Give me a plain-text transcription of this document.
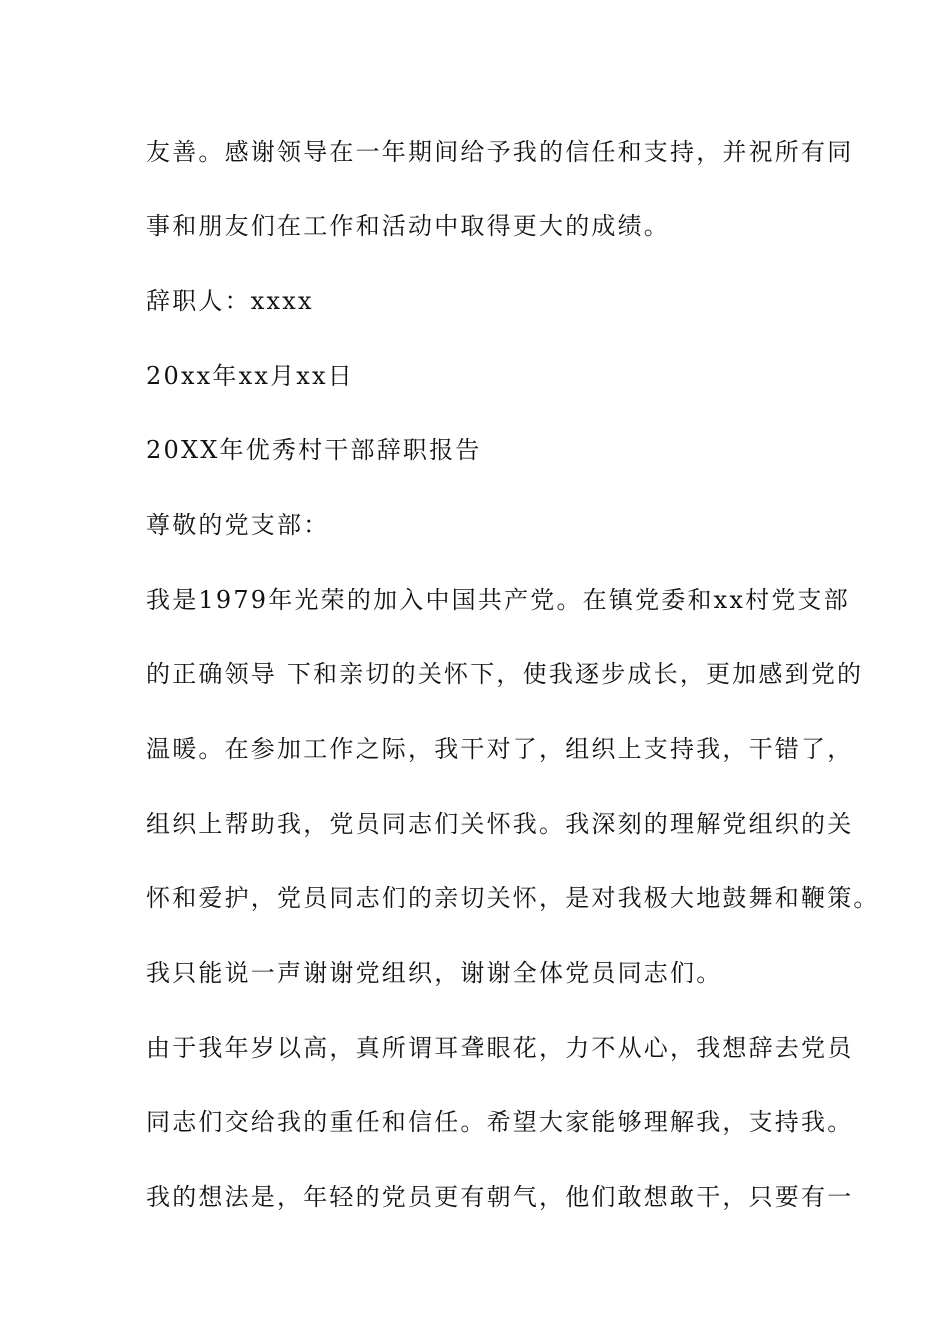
友善。感谢领导在一年期间给予我的信任和支持，并祝所有同
事和朋友们在工作和活动中取得更大的成绩。
辞职人：xxxx
20xx年xx月xx日
20XX年优秀村干部辞职报告
尊敬的党支部：
我是1979年光荣的加入中国共产党。在镇党委和xx村党支部
的正确领导 下和亲切的关怀下，使我逐步成长，更加感到党的
温暖。在参加工作之际，我干对了，组织上支持我，干错了，
组织上帮助我，党员同志们关怀我。我深刻的理解党组织的关
怀和爱护，党员同志们的亲切关怀，是对我极大地鼓舞和鞭策。
我只能说一声谢谢党组织，谢谢全体党员同志们。
由于我年岁以高，真所谓耳聋眼花，力不从心，我想辞去党员
同志们交给我的重任和信任。希望大家能够理解我，支持我。
我的想法是，年轻的党员更有朝气，他们敢想敢干，只要有一
